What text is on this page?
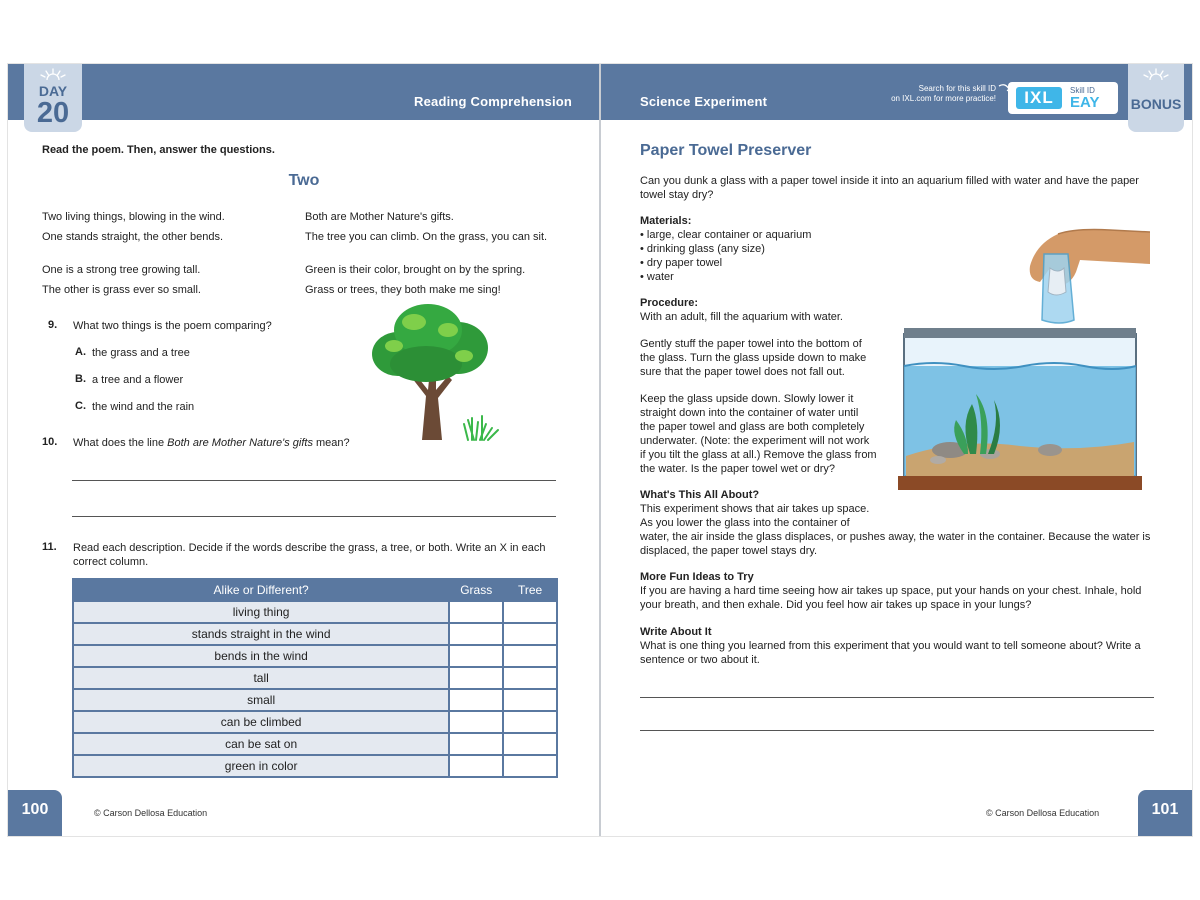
Reading Comprehension
DAY
20
Read the poem. Then, answer the questions.
Two
Two living things, blowing in the wind.
One stands straight, the other bends.
One is a strong tree growing tall.
The other is grass ever so small.
Both are Mother Nature's gifts.
The tree you can climb. On the grass, you can sit.
Green is their color, brought on by the spring.
Grass or trees, they both make me sing!
9. What two things is the poem comparing?
A. the grass and a tree
B. a tree and a flower
C. the wind and the rain
10. What does the line Both are Mother Nature's gifts mean?
11. Read each description. Decide if the words describe the grass, a tree, or both. Write an X in each
correct column.
Alike or Different?	Grass	Tree
living thing		
stands straight in the wind		
bends in the wind		
tall		
small		
can be climbed		
can be sat on		
green in color		
100	© Carson Dellosa Education
Science Experiment
Search for this skill ID
on IXL.com for more practice!	IXL	Skill ID
EAY BONUS
Paper Towel Preserver
Can you dunk a glass with a paper towel inside it into an aquarium filled with water and have the paper
towel stay dry?
Materials:
• large, clear container or aquarium
• drinking glass (any size)
• dry paper towel
• water
Procedure:
With an adult, fill the aquarium with water.
Gently stuff the paper towel into the bottom of
the glass. Turn the glass upside down to make
sure that the paper towel does not fall out.
Keep the glass upside down. Slowly lower it
straight down into the container of water until
the paper towel and glass are both completely
underwater. (Note: the experiment will not work
if you tilt the glass at all.) Remove the glass from
the water. Is the paper towel wet or dry?
What's This All About?
This experiment shows that air takes up space.
As you lower the glass into the container of
water, the air inside the glass displaces, or pushes away, the water in the container. Because the water is
displaced, the paper towel stays dry.
More Fun Ideas to Try
If you are having a hard time seeing how air takes up space, put your hands on your chest. Inhale, hold
your breath, and then exhale. Did you feel how air takes up space in your lungs?
Write About It
What is one thing you learned from this experiment that you would want to tell someone about? Write a
sentence or two about it.
© Carson Dellosa Education	101
